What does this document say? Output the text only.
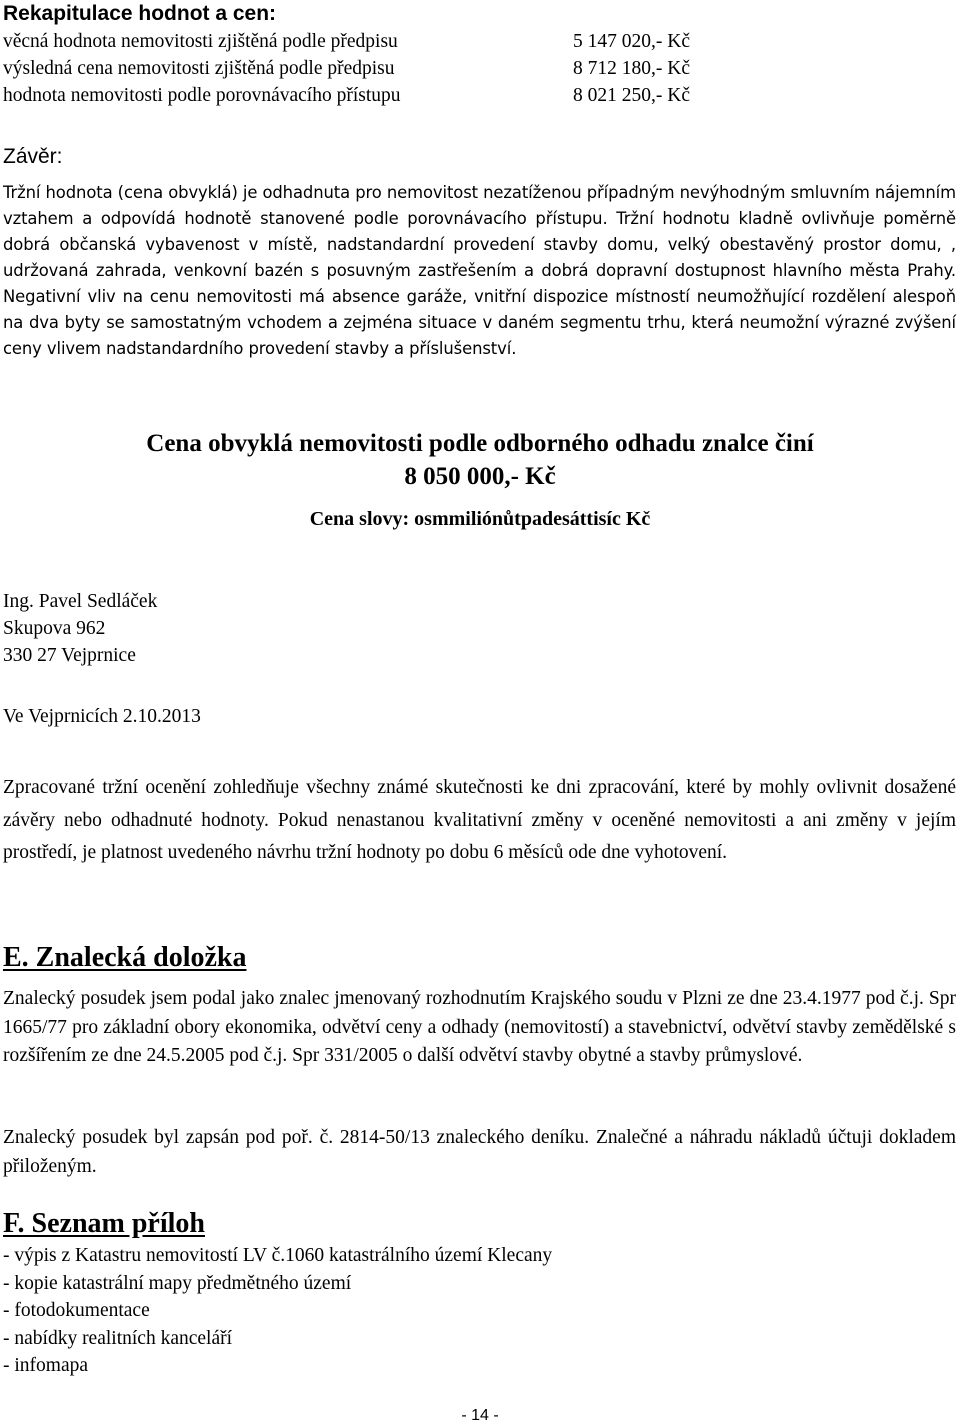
Rekapitulace hodnot a cen:
věcná hodnota nemovitosti zjištěná podle předpisu	5 147 020,- Kč
výsledná cena nemovitosti zjištěná podle předpisu	8 712 180,- Kč
hodnota nemovitosti podle porovnávacího přístupu	8 021 250,- Kč
Závěr:
Tržní hodnota (cena obvyklá) je odhadnuta pro nemovitost nezatíženou případným nevýhodným smluvním nájemním vztahem a odpovídá hodnotě stanovené podle porovnávacího přístupu. Tržní hodnotu kladně ovlivňuje poměrně dobrá občanská vybavenost v místě, nadstandardní provedení stavby domu, velký obestavěný prostor domu, , udržovaná zahrada, venkovní bazén s posuvným zastřešením a dobrá dopravní dostupnost hlavního města Prahy. Negativní vliv na cenu nemovitosti má absence garáže, vnitřní dispozice místností neumožňující rozdělení alespoň na dva byty se samostatným vchodem a zejména situace v daném segmentu trhu, která neumožní výrazné zvýšení ceny vlivem nadstandardního provedení stavby a příslušenství.
Cena obvyklá nemovitosti podle odborného odhadu znalce činí
8 050 000,- Kč
Cena slovy: osmmiliónůtpadesáttisíc Kč
Ing. Pavel Sedláček
Skupova 962
330 27 Vejprnice
Ve Vejprnicích 2.10.2013
Zpracované tržní ocenění zohledňuje všechny známé skutečnosti ke dni zpracování, které by mohly ovlivnit dosažené závěry nebo odhadnuté hodnoty. Pokud nenastanou kvalitativní změny v oceněné nemovitosti a ani změny v jejím prostředí, je platnost uvedeného návrhu tržní hodnoty po dobu 6 měsíců ode dne vyhotovení.
E. Znalecká doložka
Znalecký posudek jsem podal jako znalec jmenovaný rozhodnutím Krajského soudu v Plzni ze dne 23.4.1977 pod č.j. Spr 1665/77 pro základní obory ekonomika, odvětví ceny a odhady (nemovitostí) a stavebnictví, odvětví stavby zemědělské s rozšířením ze dne 24.5.2005 pod č.j. Spr 331/2005 o další odvětví stavby obytné a stavby průmyslové.
Znalecký posudek byl zapsán pod poř. č. 2814-50/13 znaleckého deníku. Znalečné a náhradu nákladů účtuji dokladem přiloženým.
F. Seznam příloh
- výpis z Katastru nemovitostí LV č.1060 katastrálního území Klecany
- kopie katastrální mapy předmětného území
- fotodokumentace
- nabídky realitních kanceláří
- infomapa
- 14 -
